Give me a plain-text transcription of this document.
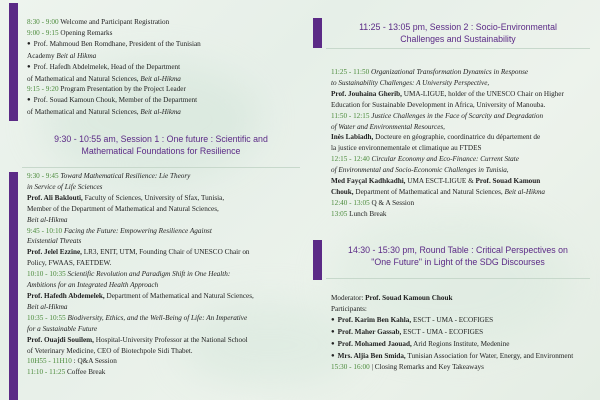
8:30 - 9:00 Welcome and Participant Registration

9:00 - 9:15 Opening Remarks

● Prof. Mahmoud Ben Romdhane, President of the Tunisian

Academy Beit al Hikma

● Prof. Hafedh Abdelmelek, Head of the Department

of Mathematical and Natural Sciences, Beit al-Hikma

9:15 - 9:20 Program Presentation by the Project Leader

● Prof. Souad Kamoun Chouk, Member of the Department

of Mathematical and Natural Sciences, Beit al-Hikma

9:30 - 10:55 am, Session 1 : One future : Scientific and
Mathematical Foundations for Resilience

9:30 - 9:45 Toward Mathematical Resilience: Lie Theory

in Service of Life Sciences

Prof. Ali Baklouti, Faculty of Sciences, University of Sfax, Tunisia,

Member of the Department of Mathematical and Natural Sciences,

Beit al-Hikma

9:45 - 10:10 Facing the Future: Empowering Resilience Against

Existential Threats

Prof. Jelel Ezzine, LR3, ENIT, UTM, Founding Chair of UNESCO Chair on

Policy, FWAAS, FAETDEW.

10:10 - 10:35 Scientific Revolution and Paradigm Shift in One Health:

Ambitions for an Integrated Health Approach

Prof. Hafedh Abdemelek, Department of Mathematical and Natural Sciences,

Beit al-Hikma

10:35 - 10:55 Biodiversity, Ethics, and the Well-Being of Life: An Imperative

for a Sustainable Future

Prof. Ouajdi Souilem, Hospital-University Professor at the National School

of Veterinary Medicine, CEO of Biotechpole Sidi Thabet.

10H55 - 11H10 : Q&A Session

11:10 - 11:25 Coffee Break

11:25 - 13:05 pm, Session 2 : Socio-Environmental
Challenges and Sustainability

11:25 - 11:50 Organizational Transformation Dynamics in Response

to Sustainability Challenges: A University Perspective,

Prof. Jouhaina Gherib, UMA-LIGUE, holder of the UNESCO Chair on Higher

Education for Sustainable Development in Africa, University of Manouba.

11:50 - 12:15 Justice Challenges in the Face of Scarcity and Degradation

of Water and Environmental Resources,

Inès Labiadh, Docteure en géographie, coordinatrice du département de

la justice environnementale et climatique au FTDES

12:15 - 12:40 Circular Economy and Eco-Finance: Current State

of Environmental and Socio-Economic Challenges in Tunisia,

Med Fayçal Kadhkadhi, UMA ESCT-LIGUE & Prof. Souad Kamoun

Chouk, Department of Mathematical and Natural Sciences, Beit al-Hikma

12:40 - 13:05 Q & A Session

13:05 Lunch Break

14:30 - 15:30 pm, Round Table : Critical Perspectives on
"One Future" in Light of the SDG Discourses

Moderator: Prof. Souad Kamoun Chouk

Participants:

● Prof. Karim Ben Kahla, ESCT - UMA - ECOFIGES

● Prof. Maher Gassab, ESCT - UMA - ECOFIGES

● Prof. Mohamed Jaouad, Arid Regions Institute, Medenine

● Mrs. Aljia Ben Smida, Tunisian Association for Water, Energy, and Environment

15:30 - 16:00 | Closing Remarks and Key Takeaways
